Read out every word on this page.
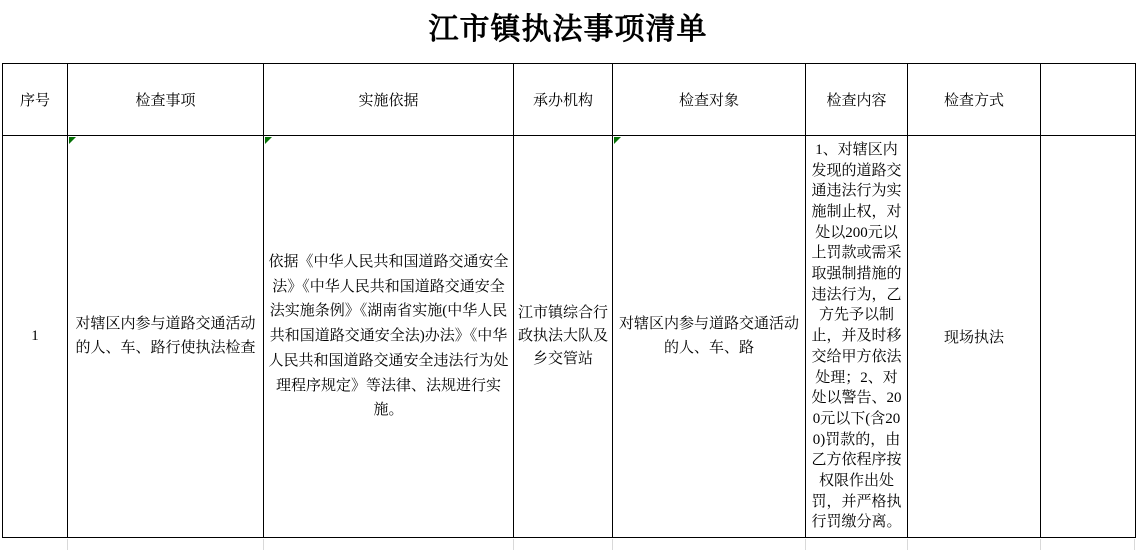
江市镇执法事项清单
序号	检查事项	实施依据	承办机构	检查对象	检查内容	检查方式	
1	对辖区内参与道路交通活动的人、车、路行使执法检查	依据《中华人民共和国道路交通安全法》《中华人民共和国道路交通安全法实施条例》《湖南省实施(中华人民共和国道路交通安全法)办法》《中华人民共和国道路交通安全违法行为处理程序规定》等法律、法规进行实施。	江市镇综合行政执法大队及乡交管站	对辖区内参与道路交通活动的人、车、路	1、对辖区内发现的道路交通违法行为实施制止权，对处以200元以上罚款或需采取强制措施的违法行为，乙方先予以制止，并及时移交给甲方依法处理；2、对处以警告、200元以下(含200)罚款的，由乙方依程序按权限作出处罚，并严格执行罚缴分离。	现场执法	
